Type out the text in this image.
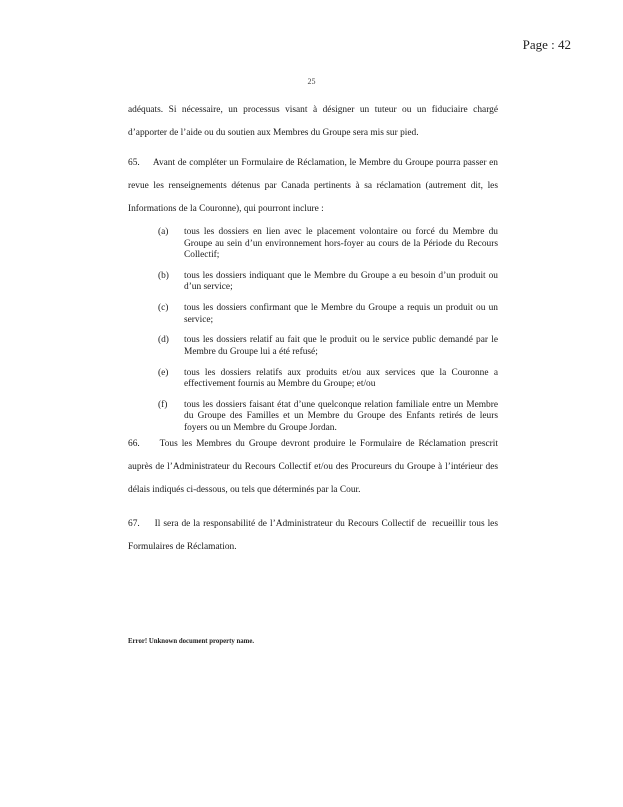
Page : 42
25
adéquats. Si nécessaire, un processus visant à désigner un tuteur ou un fiduciaire chargé d’apporter de l’aide ou du soutien aux Membres du Groupe sera mis sur pied.
65.     Avant de compléter un Formulaire de Réclamation, le Membre du Groupe pourra passer en revue les renseignements détenus par Canada pertinents à sa réclamation (autrement dit, les Informations de la Couronne), qui pourront inclure :
(a)	tous les dossiers en lien avec le placement volontaire ou forcé du Membre du Groupe au sein d’un environnement hors-foyer au cours de la Période du Recours Collectif;
(b)	tous les dossiers indiquant que le Membre du Groupe a eu besoin d’un produit ou d’un service;
(c)	tous les dossiers confirmant que le Membre du Groupe a requis un produit ou un service;
(d)	tous les dossiers relatif au fait que le produit ou le service public demandé par le Membre du Groupe lui a été refusé;
(e)	tous les dossiers relatifs aux produits et/ou aux services que la Couronne a effectivement fournis au Membre du Groupe; et/ou
(f)	tous les dossiers faisant état d’une quelconque relation familiale entre un Membre du Groupe des Familles et un Membre du Groupe des Enfants retirés de leurs foyers ou un Membre du Groupe Jordan.
66.     Tous les Membres du Groupe devront produire le Formulaire de Réclamation prescrit auprès de l’Administrateur du Recours Collectif et/ou des Procureurs du Groupe à l’intérieur des délais indiqués ci-dessous, ou tels que déterminés par la Cour.
67.     Il sera de la responsabilité de l’Administrateur du Recours Collectif de  recueillir tous les Formulaires de Réclamation.
Error! Unknown document property name.
